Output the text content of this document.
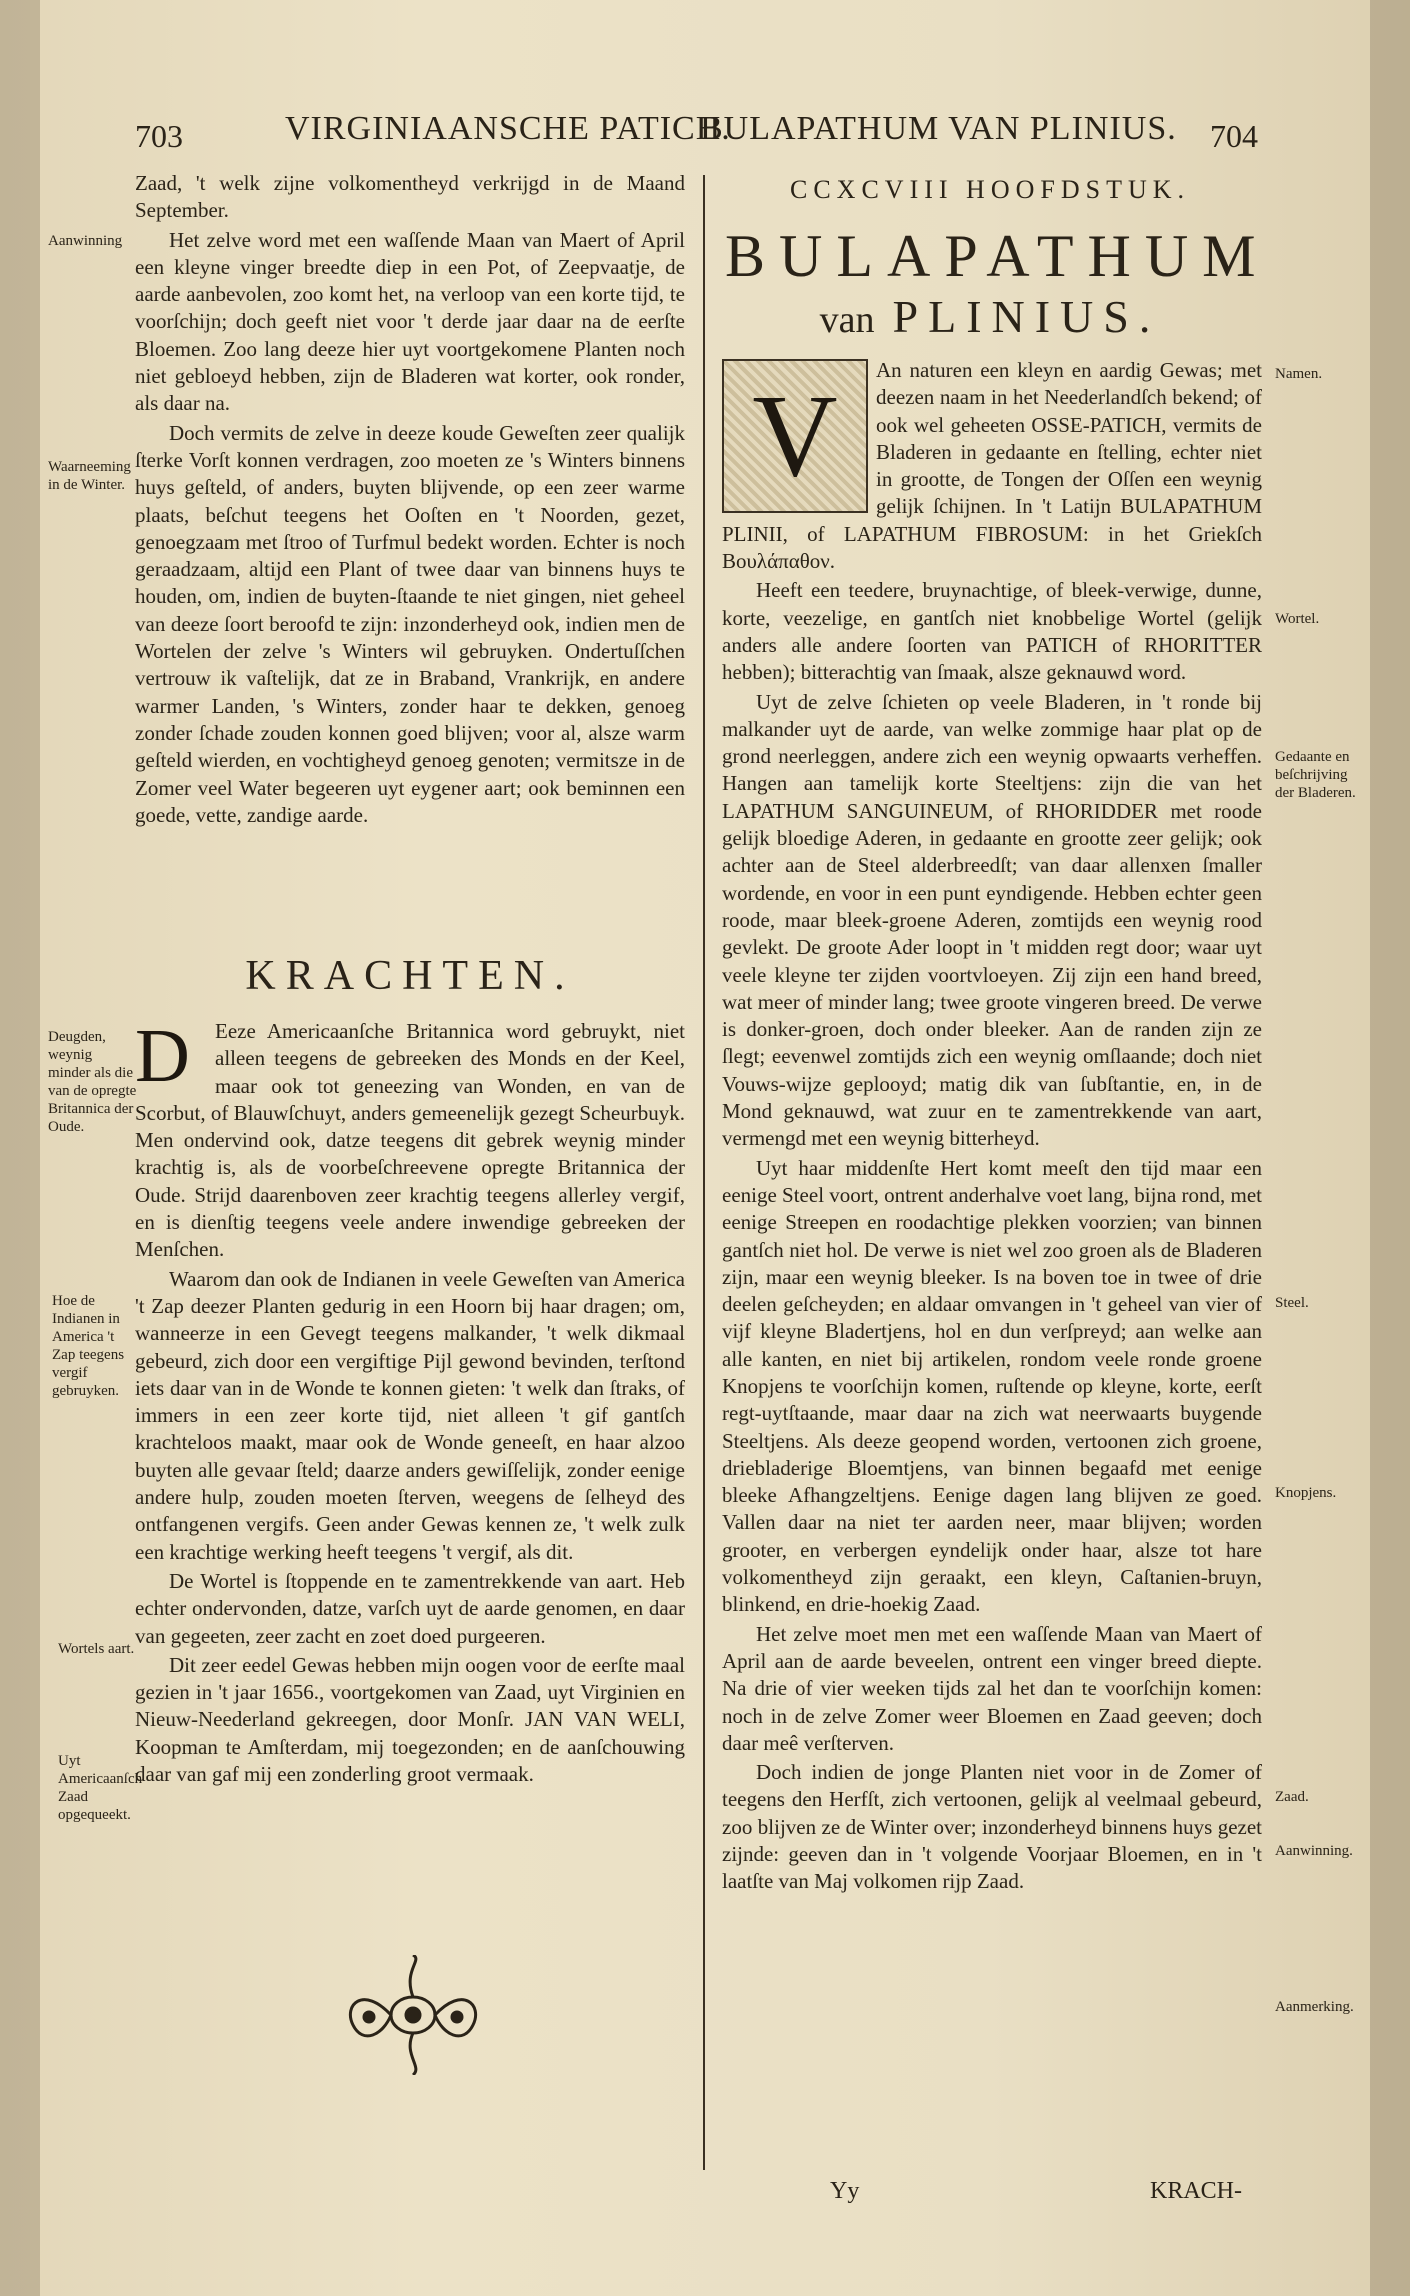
703	VIRGINIAANSCHE PATICH.
BULAPATHUM VAN PLINIUS. 704

Zaad, 't welk zijne volkomentheyd verkrijgd in de Maand September.

Het zelve word met een waſſende Maan van Maert of April een kleyne vinger breedte diep in een Pot, of Zeepvaatje, de aarde aanbevolen, zoo komt het, na verloop van een korte tijd, te voorſchijn; doch geeft niet voor 't derde jaar daar na de eerſte Bloemen. Zoo lang deeze hier uyt voortgekomene Planten noch niet gebloeyd hebben, zijn de Bladeren wat korter, ook ronder, als daar na.

Doch vermits de zelve in deeze koude Geweſten zeer qualijk ſterke Vorſt konnen verdragen, zoo moeten ze 's Winters binnens huys geſteld, of anders, buyten blijvende, op een zeer warme plaats, beſchut teegens het Ooſten en 't Noorden, gezet, genoegzaam met ſtroo of Turfmul bedekt worden. Echter is noch geraadzaam, altijd een Plant of twee daar van binnens huys te houden, om, indien de buyten-ſtaande te niet gingen, niet geheel van deeze ſoort beroofd te zijn: inzonderheyd ook, indien men de Wortelen der zelve 's Winters wil gebruyken. Ondertuſſchen vertrouw ik vaſtelijk, dat ze in Braband, Vrankrijk, en andere warmer Landen, 's Winters, zonder haar te dekken, genoeg zonder ſchade zouden konnen goed blijven; voor al, alsze warm geſteld wierden, en vochtigheyd genoeg genoten; vermitsze in de Zomer veel Water begeeren uyt eygener aart; ook beminnen een goede, vette, zandige aarde.

KRACHTEN.

D	Eeze Americaanſche Britannica word gebruykt, niet alleen teegens de gebreeken des Monds en der Keel, maar ook tot geneezing van Wonden, en van de Scorbut, of Blauwſchuyt, anders gemeenelijk gezegt Scheurbuyk. Men ondervind ook, datze teegens dit gebrek weynig minder krachtig is, als de voorbeſchreevene opregte Britannica der Oude. Strijd daarenboven zeer krachtig teegens allerley vergif, en is dienſtig teegens veele andere inwendige gebreeken der Menſchen.

Waarom dan ook de Indianen in veele Geweſten van America 't Zap deezer Planten gedurig in een Hoorn bij haar dragen; om, wanneerze in een Gevegt teegens malkander, 't welk dikmaal gebeurd, zich door een vergiftige Pijl gewond bevinden, terſtond iets daar van in de Wonde te konnen gieten: 't welk dan ſtraks, of immers in een zeer korte tijd, niet alleen 't gif gantſch krachteloos maakt, maar ook de Wonde geneeſt, en haar alzoo buyten alle gevaar ſteld; daarze anders gewiſſelijk, zonder eenige andere hulp, zouden moeten ſterven, weegens de ſelheyd des ontfangenen vergifs. Geen ander Gewas kennen ze, 't welk zulk een krachtige werking heeft teegens 't vergif, als dit.

De Wortel is ſtoppende en te zamentrekkende van aart. Heb echter ondervonden, datze, varſch uyt de aarde genomen, en daar van gegeeten, zeer zacht en zoet doed purgeeren.

Dit zeer eedel Gewas hebben mijn oogen voor de eerſte maal gezien in 't jaar 1656., voortgekomen van Zaad, uyt Virginien en Nieuw-Neederland gekreegen, door Monſr. JAN VAN WELI, Koopman te Amſterdam, mij toegezonden; en de aanſchouwing daar van gaf mij een zonderling groot vermaak.

Aanwinning
Waarneeming in de Winter.
Deugden, weynig minder als die van de opregte Britannica der Oude.
Hoe de Indianen in America 't Zap teegens vergif gebruyken.
Wortels aart.
Uyt Americaanſch Zaad opgequeekt.
CCXCVIII HOOFDSTUK.
BULAPATHUM
van PLINIUS.

V	An naturen een kleyn en aardig Gewas; met deezen naam in het Neederlandſch bekend; of ook wel geheeten OSSE-PATICH, vermits de Bladeren in gedaante en ſtelling, echter niet in grootte, de Tongen der Oſſen een weynig gelijk ſchijnen. In 't Latijn BULAPATHUM PLINII, of LAPATHUM FIBROSUM: in het Griekſch Βουλάπαθον.

Heeft een teedere, bruynachtige, of bleek-verwige, dunne, korte, veezelige, en gantſch niet knobbelige Wortel (gelijk anders alle andere ſoorten van PATICH of RHORITTER hebben); bitterachtig van ſmaak, alsze geknauwd word.

Uyt de zelve ſchieten op veele Bladeren, in 't ronde bij malkander uyt de aarde, van welke zommige haar plat op de grond neerleggen, andere zich een weynig opwaarts verheffen. Hangen aan tamelijk korte Steeltjens: zijn die van het LAPATHUM SANGUINEUM, of RHORIDDER met roode gelijk bloedige Aderen, in gedaante en grootte zeer gelijk; ook achter aan de Steel alderbreedſt; van daar allenxen ſmaller wordende, en voor in een punt eyndigende. Hebben echter geen roode, maar bleek-groene Aderen, zomtijds een weynig rood gevlekt. De groote Ader loopt in 't midden regt door; waar uyt veele kleyne ter zijden voortvloeyen. Zij zijn een hand breed, wat meer of minder lang; twee groote vingeren breed. De verwe is donker-groen, doch onder bleeker. Aan de randen zijn ze ſlegt; eevenwel zomtijds zich een weynig omſlaande; doch niet Vouws-wijze geplooyd; matig dik van ſubſtantie, en, in de Mond geknauwd, wat zuur en te zamentrekkende van aart, vermengd met een weynig bitterheyd.

Uyt haar middenſte Hert komt meeſt den tijd maar een eenige Steel voort, ontrent anderhalve voet lang, bijna rond, met eenige Streepen en roodachtige plekken voorzien; van binnen gantſch niet hol. De verwe is niet wel zoo groen als de Bladeren zijn, maar een weynig bleeker. Is na boven toe in twee of drie deelen geſcheyden; en aldaar omvangen in 't geheel van vier of vijf kleyne Bladertjens, hol en dun verſpreyd; aan welke aan alle kanten, en niet bij artikelen, rondom veele ronde groene Knopjens te voorſchijn komen, ruſtende op kleyne, korte, eerſt regt-uytſtaande, maar daar na zich wat neerwaarts buygende Steeltjens. Als deeze geopend worden, vertoonen zich groene, driebladerige Bloemtjens, van binnen begaafd met eenige bleeke Afhangzeltjens. Eenige dagen lang blijven ze goed. Vallen daar na niet ter aarden neer, maar blijven; worden grooter, en verbergen eyndelijk onder haar, alsze tot hare volkomentheyd zijn geraakt, een kleyn, Caſtanien-bruyn, blinkend, en drie-hoekig Zaad.

Het zelve moet men met een waſſende Maan van Maert of April aan de aarde beveelen, ontrent een vinger breed diepte. Na drie of vier weeken tijds zal het dan te voorſchijn komen: noch in de zelve Zomer weer Bloemen en Zaad geeven; doch daar meê verſterven.

Doch indien de jonge Planten niet voor in de Zomer of teegens den Herfſt, zich vertoonen, gelijk al veelmaal gebeurd, zoo blijven ze de Winter over; inzonderheyd binnens huys gezet zijnde: geeven dan in 't volgende Voorjaar Bloemen, en in 't laatſte van Maj volkomen rijp Zaad.

Namen.
Wortel.
Gedaante en beſchrijving der Bladeren.
Steel.
Knopjens.
Zaad.
Aanwinning.
Aanmerking.
Yy	KRACH-
